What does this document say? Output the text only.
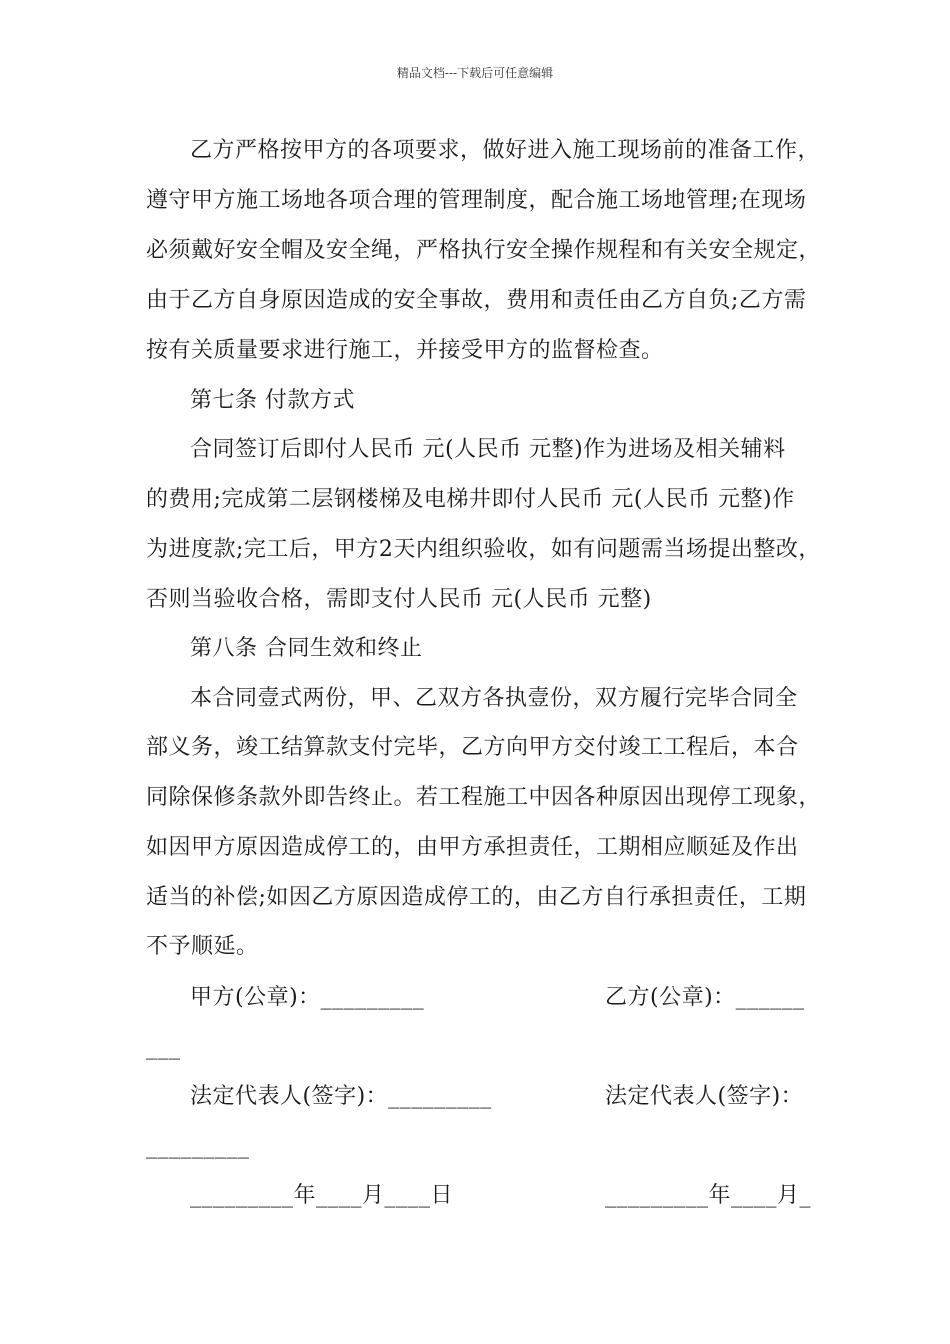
精品文档---下载后可任意编辑
乙方严格按甲方的各项要求，做好进入施工现场前的准备工作，
遵守甲方施工场地各项合理的管理制度，配合施工场地管理;在现场
必须戴好安全帽及安全绳，严格执行安全操作规程和有关安全规定，
由于乙方自身原因造成的安全事故，费用和责任由乙方自负;乙方需
按有关质量要求进行施工，并接受甲方的监督检查。
第七条 付款方式
合同签订后即付人民币 元(人民币 元整)作为进场及相关辅料
的费用;完成第二层钢楼梯及电梯井即付人民币 元(人民币 元整)作
为进度款;完工后，甲方2天内组织验收，如有问题需当场提出整改，
否则当验收合格，需即支付人民币 元(人民币 元整)
第八条 合同生效和终止
本合同壹式两份，甲、乙双方各执壹份，双方履行完毕合同全
部义务，竣工结算款支付完毕，乙方向甲方交付竣工工程后，本合
同除保修条款外即告终止。若工程施工中因各种原因出现停工现象，
如因甲方原因造成停工的，由甲方承担责任，工期相应顺延及作出
适当的补偿;如因乙方原因造成停工的，由乙方自行承担责任，工期
不予顺延。
甲方(公章)：_________	乙方(公章)：______
___
法定代表人(签字)：_________	法定代表人(签字)：
_________
_________年____月____日	_________年____月_
